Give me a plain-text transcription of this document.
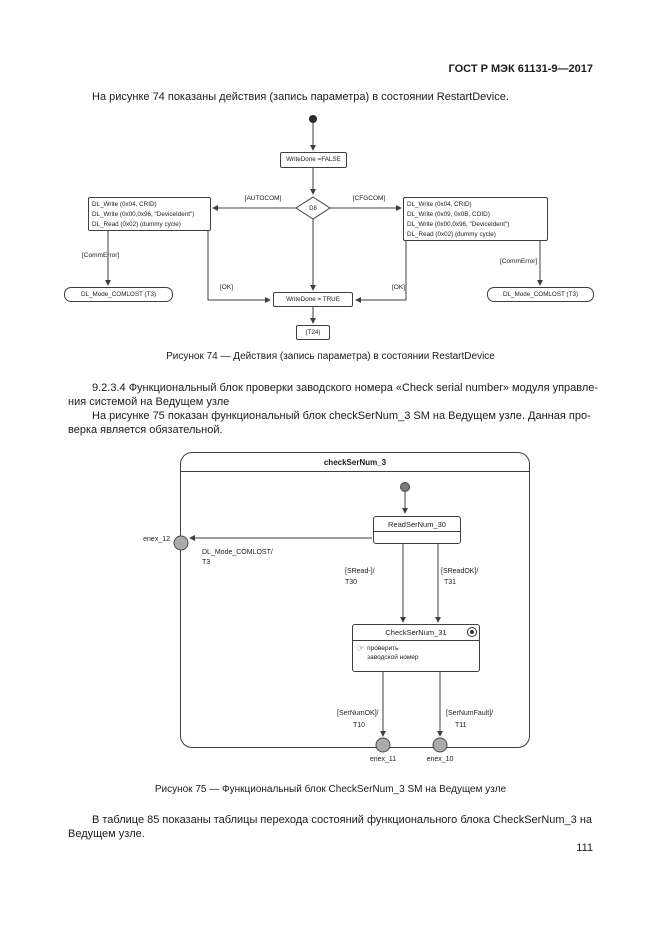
ГОСТ Р МЭК 61131-9—2017
На рисунке 74 показаны действия (запись параметра) в состоянии RestartDevice.
WriteDone =FALSE
D8
[AUTOCOM]	[CFGCOM]
DL_Write (0x04, CRID)
DL_Write (0x00,0x96, "DeviceIdent")
DL_Read (0x02) (dummy cycle)
DL_Write (0x04, CRID)
DL_Write (0x09, 0x0B, COID)
DL_Write (0x00,0x96, "DeviceIdent")
DL_Read (0x02) (dummy cycle)
[CommError]
[CommError]
DL_Mode_COMLOST (T3)	DL_Mode_COMLOST (T3)
[OK]	[OK]
WriteDone = TRUE
(T24)
Рисунок 74 — Действия (запись параметра) в состоянии RestartDevice
9.2.3.4 Функциональный блок проверки заводского номера «Check serial number» модуля управле-
ния системой на Ведущем узле
На рисунке 75 показан функциональный блок checkSerNum_3 SM на Ведущем узле. Данная про-
верка является обязательной.
checkSerNum_3
ReadSerNum_30
enex_12
DL_Mode_COMLOST/
T3
[SRead-]/
T30
[SReadOK]/
T31
CheckSerNum_31
☞ проверить
заводской номер
[SerNumOK]/
T10
[SerNumFault]/
T11
enex_11	enex_10
Рисунок 75 — Функциональный блок CheckSerNum_3 SM на Ведущем узле
В таблице 85 показаны таблицы перехода состояний функционального блока CheckSerNum_3 на
Ведущем узле.
111
